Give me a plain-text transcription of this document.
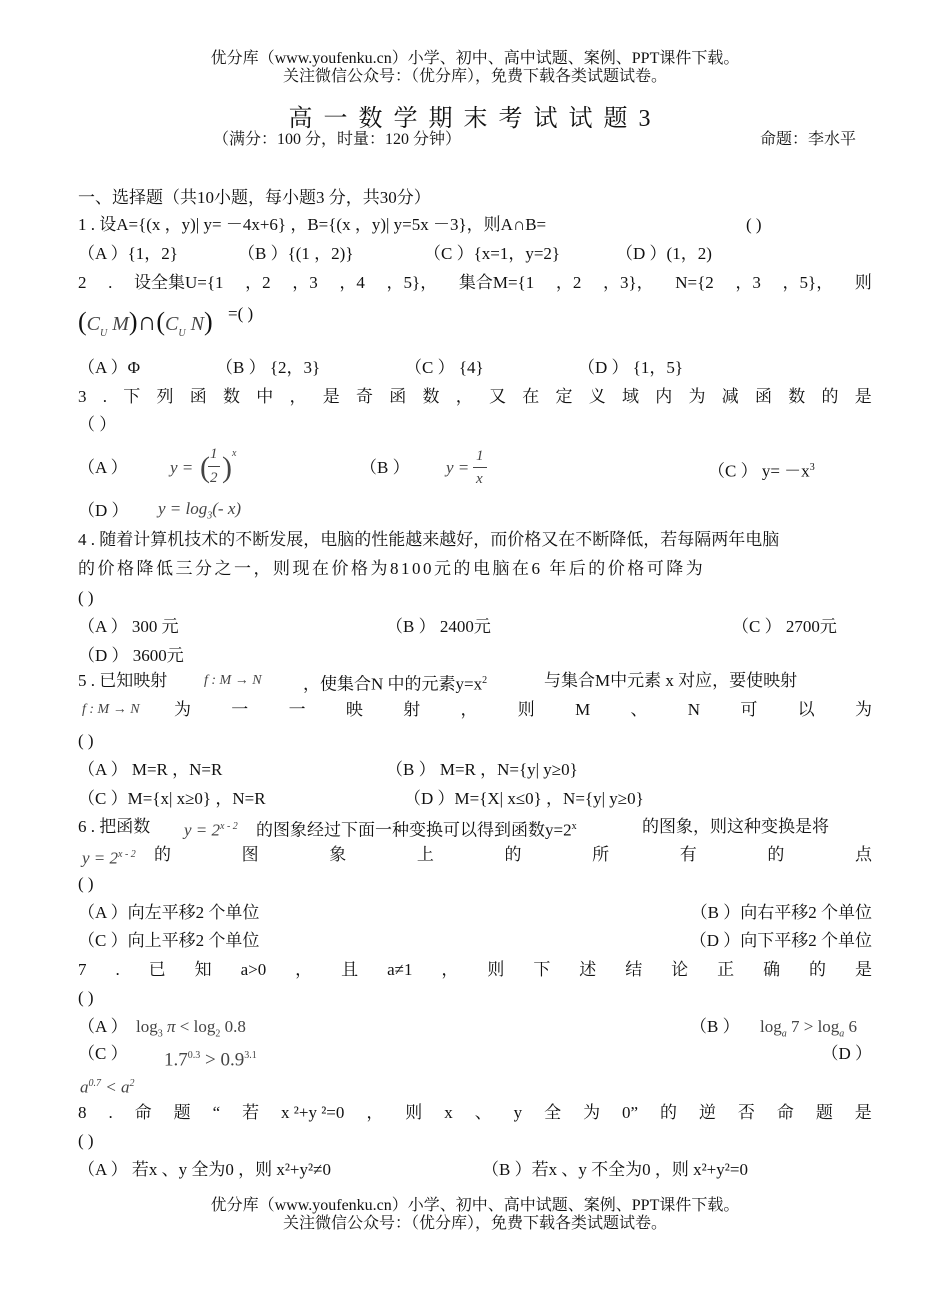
优分库（www.youfenku.cn）小学、初中、高中试题、案例、PPT课件下载。
关注微信公众号：（优分库），免费下载各类试题试卷。
高一数学期末考试试题3
（满分：100 分，时量：120 分钟）	命题：李水平
一、选择题（共10小题，每小题3 分，共30分）
1 . 设A={(x ，y)| y= －4x+6} ，B={(x ，y)| y=5x －3}，则A∩B=	( )
（A ）{1，2}	（B ）{(1 ，2)}	（C ）{x=1，y=2}	（D ）(1，2)
2 . 设全集U={1 ，2 ，3 ，4 ，5}， 集合M={1 ，2 ，3}， N={2 ，3 ，5}， 则
($C_U$ $M)\cap(C_U$ N) =( )
（A ）Φ	（B ） {2，3}	（C ） {4}	（D ） {1，5}
3 . 下 列 函 数 中 ， 是 奇 函 数 ， 又 在 定 义 域 内 为 减 函 数 的 是
（ ）
（A ） y = ( 1
2 ) x
（B ） y =
1
x	（C ） $y= -x^3$
（D ） $y = \log_3(-$ x)
4 . 随着计算机技术的不断发展，电脑的性能越来越好，而价格又在不断降低，若每隔两年电脑
的价格降低三分之一，则现在价格为8100元的电脑在6 年后的价格可降为
( )
（A ） 300 元	（B ） 2400元	（C ） 2700元
（D ） 3600元
5 . 已知映射	f : M → N ，使集合N 中的元素$y=x^2$	与集合M中元素 x 对应，要使映射
f : M → N 为 一 一 映 射 ， 则 M 、 N 可 以 为
( )
（A ） M=R ，N=R	（B ） M=R ，N={y| y≥0}
（C ）M={x| x≥0} ，N=R	（D ）M={X| x≤0} ，N={y| y≥0}
6 . 把函数 $y = 2^{x - 2}$ 的图象经过下面一种变换可以得到函数$y=2^x$	的图象，则这种变换是将
$y = 2^{x - 2}$ 的	图	象	上	的	所	有	的	点
( )
（A ）向左平移2 个单位	（B ）向右平移2 个单位
（C ）向上平移2 个单位	（D ）向下平移2 个单位
7 . 已 知 a>0 ， 且 a≠1 ， 则 下 述 结 论 正 确 的 是
( )
（A ） $\log_3 \pi < \log_2 0.8$	（B ） $\log_a 7 > \log_a 6$
（C ） $1.7^{0.3} > 0.9^{3.1}$	（D ）
$a^{0.7} < a^2$
8 . 命 题 “ 若 x ²+y ²=0 ， 则 x 、 y 全 为 0” 的 逆 否 命 题 是
( )
（A ） 若x 、y 全为0 ，则 x²+y²≠0	（B ）若x 、y 不全为0 ，则 x²+y²=0
优分库（www.youfenku.cn）小学、初中、高中试题、案例、PPT课件下载。
关注微信公众号：（优分库），免费下载各类试题试卷。
